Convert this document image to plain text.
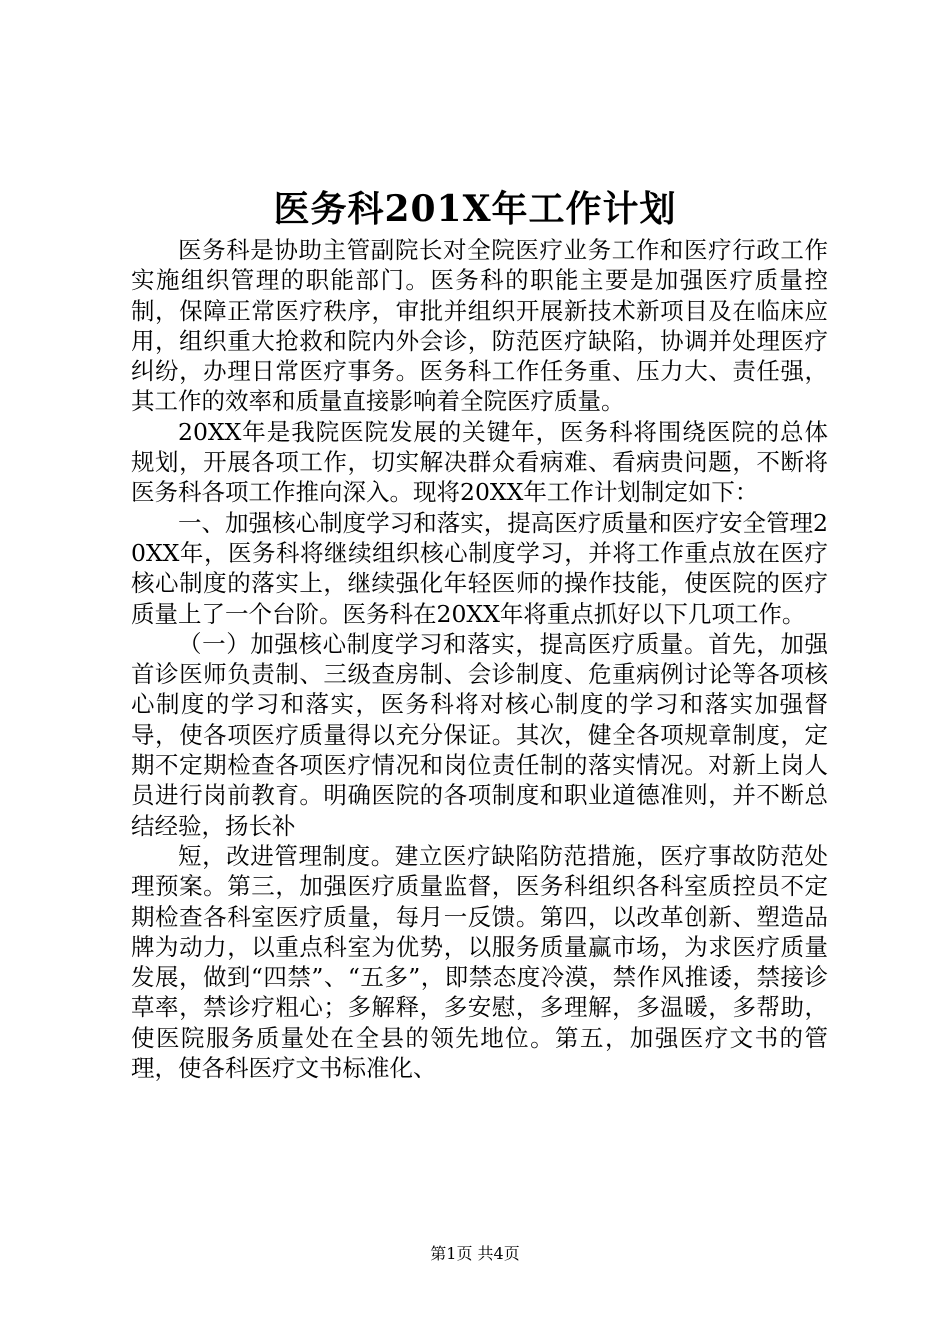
医务科201X年工作计划

医务科是协助主管副院长对全院医疗业务工作和医疗行政工作实施组织管理的职能部门。医务科的职能主要是加强医疗质量控制，保障正常医疗秩序，审批并组织开展新技术新项目及在临床应用，组织重大抢救和院内外会诊，防范医疗缺陷，协调并处理医疗纠纷，办理日常医疗事务。医务科工作任务重、压力大、责任强，其工作的效率和质量直接影响着全院医疗质量。

20XX年是我院医院发展的关键年，医务科将围绕医院的总体规划，开展各项工作，切实解决群众看病难、看病贵问题，不断将医务科各项工作推向深入。现将20XX年工作计划制定如下：

一、加强核心制度学习和落实，提高医疗质量和医疗安全管理20XX年，医务科将继续组织核心制度学习，并将工作重点放在医疗核心制度的落实上，继续强化年轻医师的操作技能，使医院的医疗质量上了一个台阶。医务科在20XX年将重点抓好以下几项工作。

（一）加强核心制度学习和落实，提高医疗质量。首先，加强首诊医师负责制、三级查房制、会诊制度、危重病例讨论等各项核心制度的学习和落实，医务科将对核心制度的学习和落实加强督导，使各项医疗质量得以充分保证。其次，健全各项规章制度，定期不定期检查各项医疗情况和岗位责任制的落实情况。对新上岗人员进行岗前教育。明确医院的各项制度和职业道德准则，并不断总结经验，扬长补

短，改进管理制度。建立医疗缺陷防范措施，医疗事故防范处理预案。第三，加强医疗质量监督，医务科组织各科室质控员不定期检查各科室医疗质量，每月一反馈。第四，以改革创新、塑造品牌为动力，以重点科室为优势，以服务质量赢市场，为求医疗质量发展，做到“四禁”、“五多”，即禁态度冷漠，禁作风推诿，禁接诊草率，禁诊疗粗心；多解释，多安慰，多理解，多温暖，多帮助，使医院服务质量处在全县的领先地位。第五，加强医疗文书的管理，使各科医疗文书标准化、

第1页 共4页
